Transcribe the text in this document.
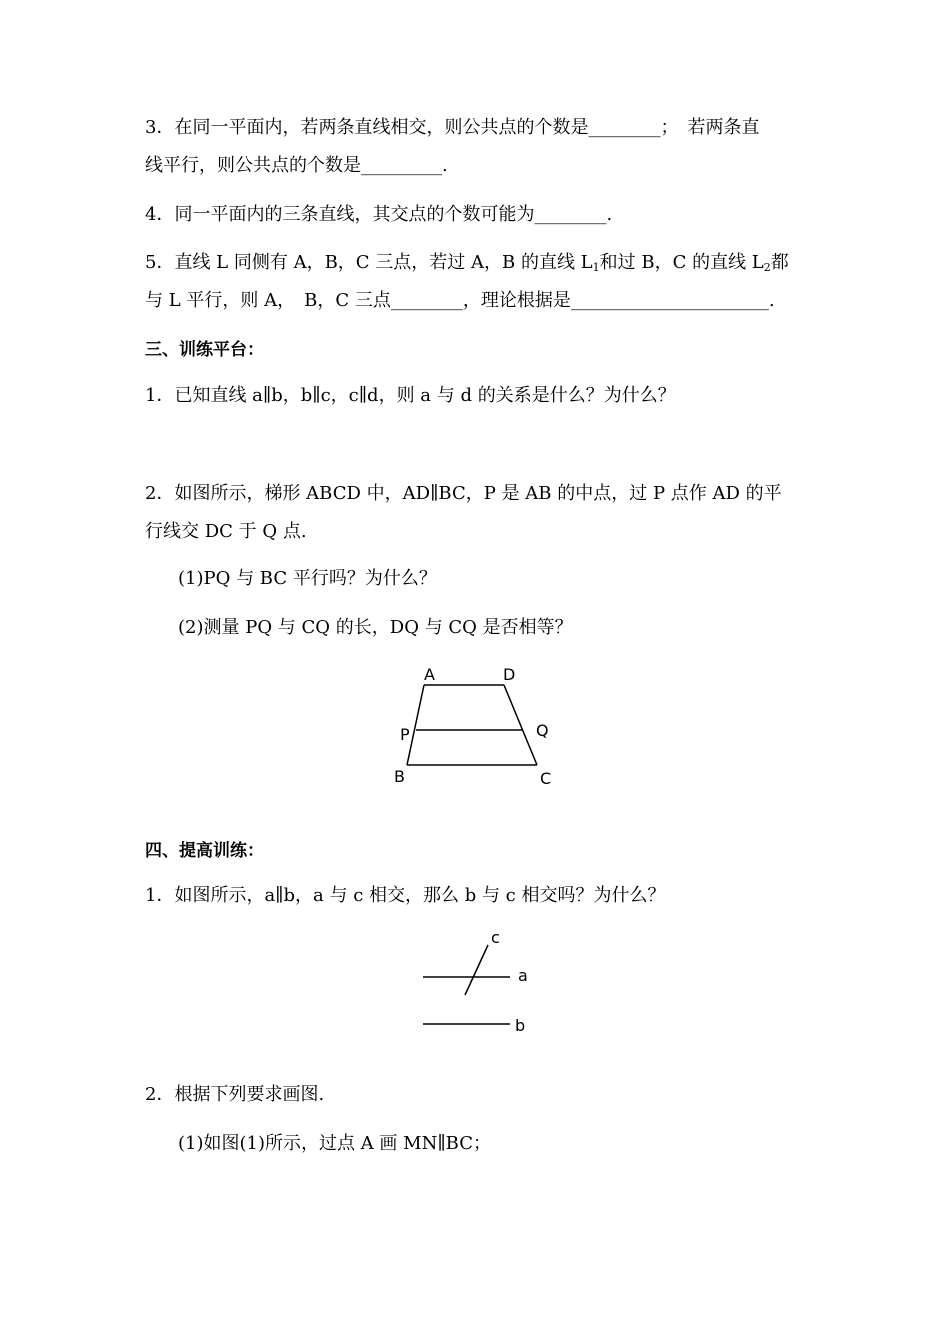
3．在同一平面内，若两条直线相交，则公共点的个数是________；　若两条直
线平行，则公共点的个数是_________.
4．同一平面内的三条直线，其交点的个数可能为________.
5．直线 L 同侧有 A，B，C 三点，若过 A，B 的直线 $L_1$和过 B，C 的直线 $L_2$都
与 L 平行，则 A，　B，C 三点________，理论根据是______________________.
三、训练平台：
1．已知直线 a∥b，b∥c，c∥d，则 a 与 d 的关系是什么？为什么？
2．如图所示，梯形 ABCD 中，AD∥BC，P 是 AB 的中点，过 P 点作 AD 的平
行线交 DC 于 Q 点.
(1)PQ 与 BC 平行吗？为什么？
(2)测量 PQ 与 CQ 的长，DQ 与 CQ 是否相等？
A	D
P	Q
B	C
四、提高训练：
1．如图所示，a∥b，a 与 c 相交，那么 b 与 c 相交吗？为什么？
c
a
b
2．根据下列要求画图.
(1)如图(1)所示，过点 A 画 MN∥BC；
